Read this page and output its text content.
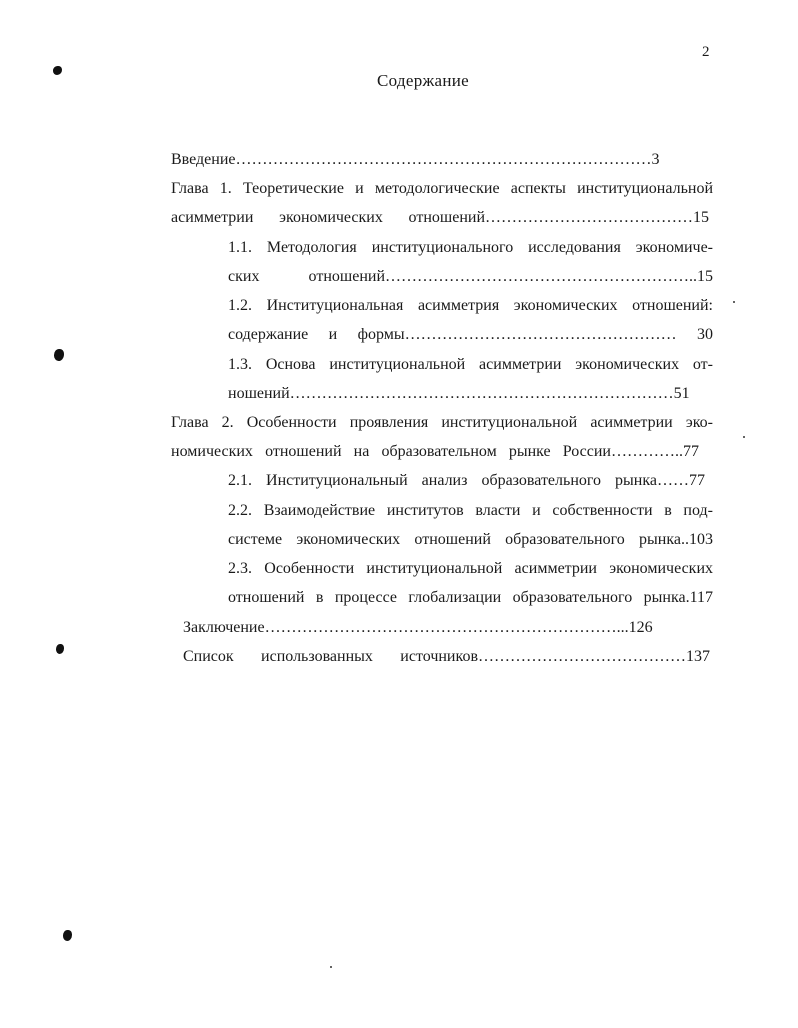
2
Содержание
Введение……………………………………………………………………3
Глава 1. Теоретические и методологические аспекты институциональной
асимметрии экономических отношений…………………………………15
1.1. Методология институционального исследования экономиче-
ских отношений…………………………………………………..15
1.2. Институциональная асимметрия экономических отношений:
содержание и формы…………………………………………… 30
1.3. Основа институциональной асимметрии экономических от-
ношений………………………………………………………………51
Глава 2. Особенности проявления институциональной асимметрии эко-
номических отношений на образовательном рынке России…………..77
2.1. Институциональный анализ образовательного рынка……77
2.2. Взаимодействие институтов власти и собственности в под-
системе экономических отношений образовательного рынка..103
2.3. Особенности институциональной асимметрии экономических
отношений в процессе глобализации образовательного рынка.117
Заключение…………………………………………………………...126
Список использованных источников…………………………………137
